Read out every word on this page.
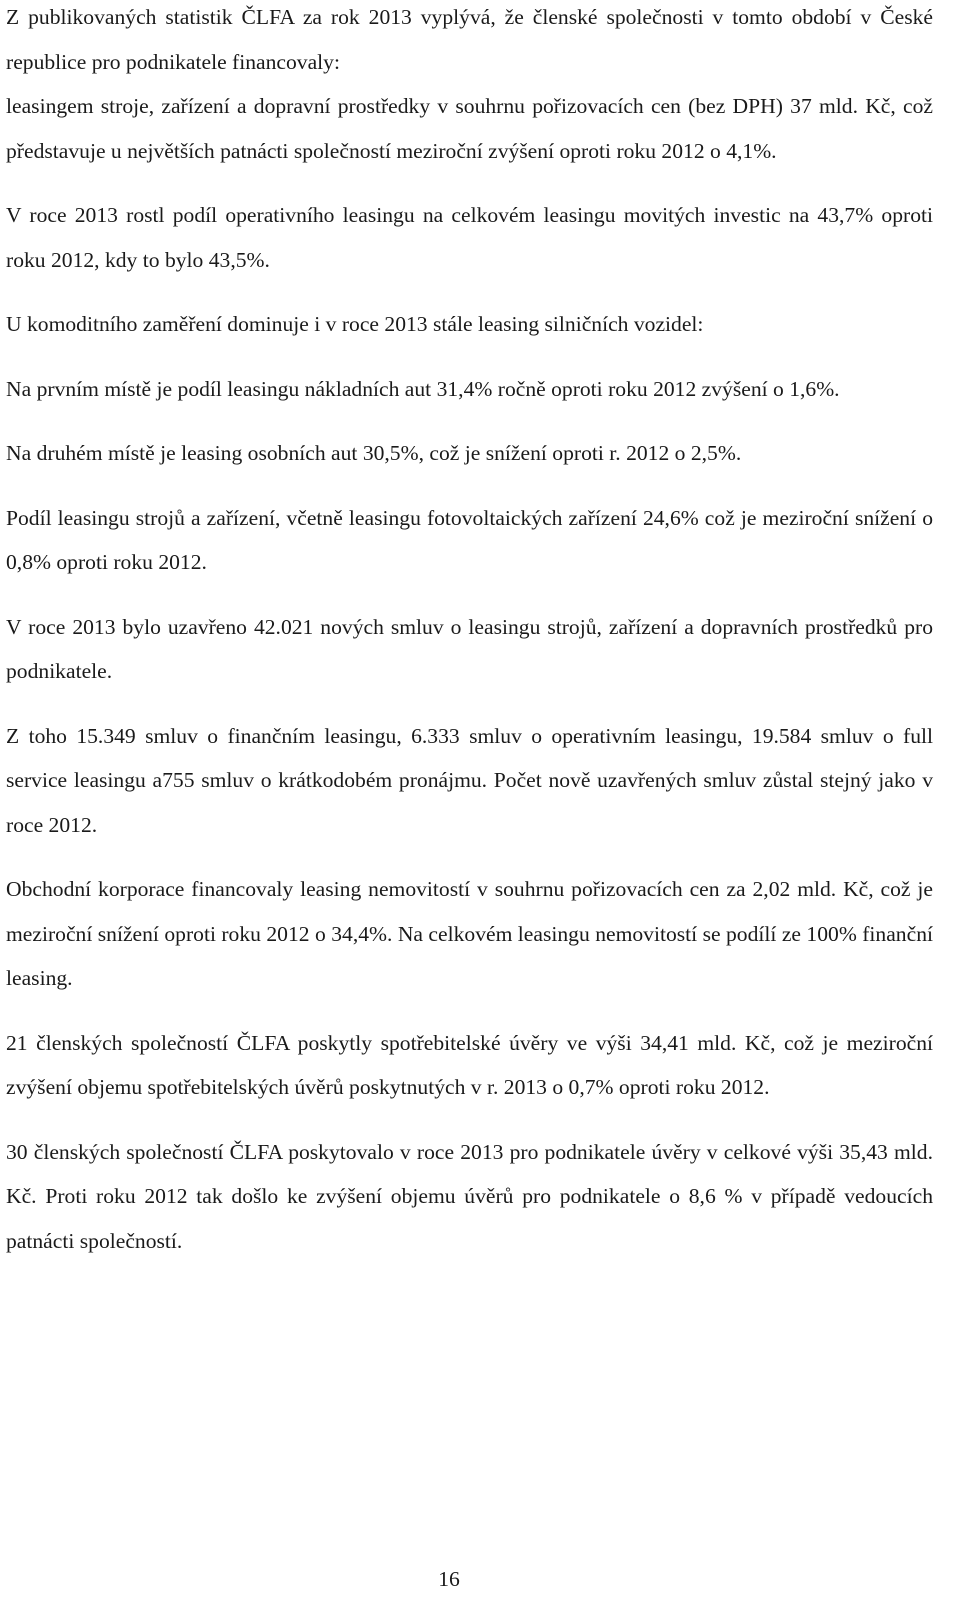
Z publikovaných statistik ČLFA za rok 2013 vyplývá, že členské společnosti v tomto období v České republice pro podnikatele financovaly:

leasingem stroje, zařízení a dopravní prostředky v souhrnu pořizovacích cen (bez DPH) 37 mld. Kč, což představuje u největších patnácti společností meziroční zvýšení oproti roku 2012 o 4,1%.

V roce 2013 rostl podíl operativního leasingu na celkovém leasingu movitých investic na 43,7% oproti roku 2012, kdy to bylo 43,5%.

U komoditního zaměření dominuje i v roce 2013 stále leasing silničních vozidel:

Na prvním místě je podíl leasingu nákladních aut 31,4% ročně oproti roku 2012 zvýšení o 1,6%.

Na druhém místě je leasing osobních aut 30,5%, což je snížení oproti r. 2012 o 2,5%.

Podíl leasingu strojů a zařízení, včetně leasingu fotovoltaických zařízení 24,6% což je meziroční snížení o 0,8% oproti roku 2012.

V roce 2013 bylo uzavřeno 42.021 nových smluv o leasingu strojů, zařízení a dopravních prostředků pro podnikatele.

Z toho 15.349 smluv o finančním leasingu, 6.333 smluv o operativním leasingu, 19.584 smluv o full service leasingu a755 smluv o krátkodobém pronájmu. Počet nově uzavřených smluv zůstal stejný jako v roce 2012.

Obchodní korporace financovaly leasing nemovitostí v souhrnu pořizovacích cen za 2,02 mld. Kč, což je meziroční snížení oproti roku 2012 o 34,4%. Na celkovém leasingu nemovitostí se podílí ze 100% finanční leasing.

21 členských společností ČLFA poskytly spotřebitelské úvěry ve výši 34,41 mld. Kč, což je meziroční zvýšení objemu spotřebitelských úvěrů poskytnutých v r. 2013 o 0,7% oproti roku 2012.

30 členských společností ČLFA poskytovalo v roce 2013 pro podnikatele úvěry v celkové výši 35,43 mld. Kč. Proti roku 2012 tak došlo ke zvýšení objemu úvěrů pro podnikatele o 8,6 % v případě vedoucích patnácti společností.

16
